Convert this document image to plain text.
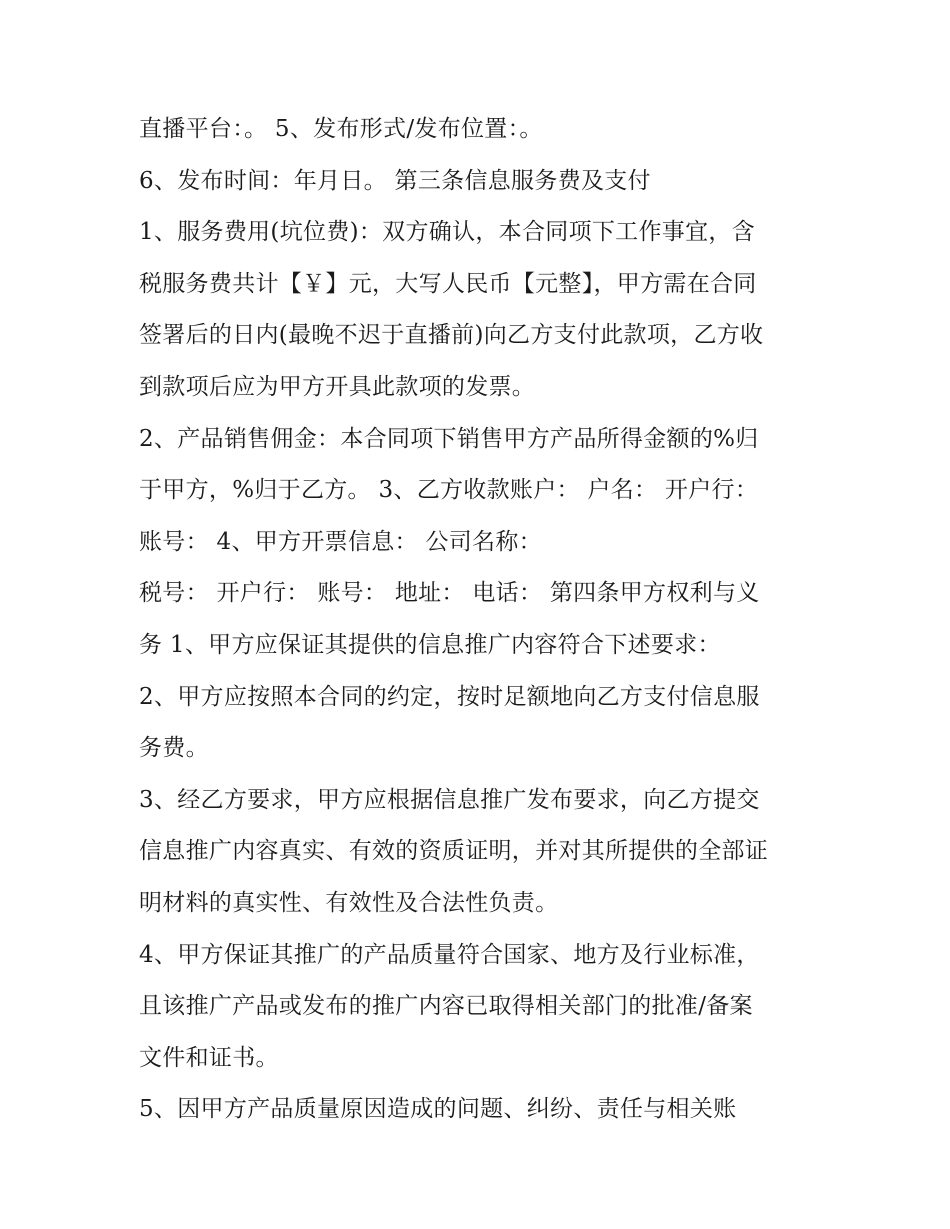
直播平台：。 5、发布形式/发布位置：。
6、发布时间：年月日。 第三条信息服务费及支付
1、服务费用(坑位费)：双方确认，本合同项下工作事宜，含
税服务费共计【￥】元，大写人民币【元整】，甲方需在合同
签署后的日内(最晚不迟于直播前)向乙方支付此款项，乙方收
到款项后应为甲方开具此款项的发票。
2、产品销售佣金：本合同项下销售甲方产品所得金额的%归
于甲方，%归于乙方。 3、乙方收款账户： 户名： 开户行：
账号： 4、甲方开票信息： 公司名称：
税号： 开户行： 账号： 地址： 电话： 第四条甲方权利与义
务 1、甲方应保证其提供的信息推广内容符合下述要求：
2、甲方应按照本合同的约定，按时足额地向乙方支付信息服
务费。
3、经乙方要求，甲方应根据信息推广发布要求，向乙方提交
信息推广内容真实、有效的资质证明，并对其所提供的全部证
明材料的真实性、有效性及合法性负责。
4、甲方保证其推广的产品质量符合国家、地方及行业标准，
且该推广产品或发布的推广内容已取得相关部门的批准/备案
文件和证书。
5、因甲方产品质量原因造成的问题、纠纷、责任与相关账
